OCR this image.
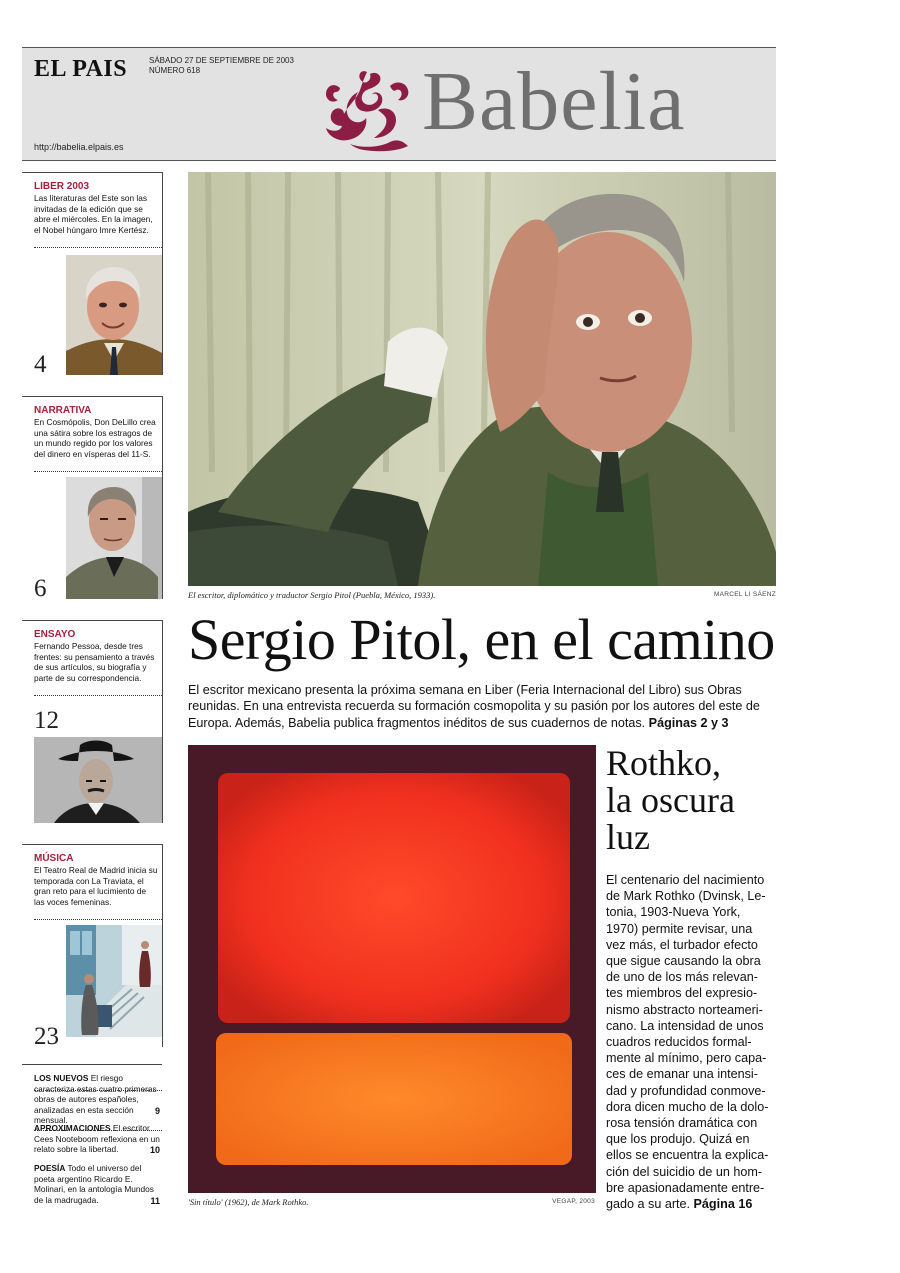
EL PAIS	SÁBADO 27 DE SEPTIEMBRE DE 2003
NÚMERO 618	Babelia
http://babelia.elpais.es
LIBER 2003
Las literaturas del Este son las
invitadas de la edición que se
abre el miércoles. En la imagen,
el Nobel húngaro Imre Kertész.
4
NARRATIVA
En Cosmópolis, Don DeLillo crea
una sátira sobre los estragos de
un mundo regido por los valores
del dinero en vísperas del 11-S.
6
ENSAYO
Fernando Pessoa, desde tres
frentes: su pensamiento a través
de sus artículos, su biografía y
parte de su correspondencia.
12
MÚSICA
El Teatro Real de Madrid inicia su
temporada con La Traviata, el
gran reto para el lucimiento de
las voces femeninas.
23
LOS NUEVOS El riesgo caracteriza estas cuatro primeras obras de autores españoles, analizadas en esta sección mensual.
9
APROXIMACIONES El escritor Cees Nooteboom reflexiona en un relato sobre la libertad.	10
POESÍA Todo el universo del poeta argentino Ricardo E. Molinari, en la antología Mundos de la madrugada.	11
El escritor, diplomático y traductor Sergio Pitol (Puebla, México, 1933).	MARCEL LI SÁENZ
Sergio Pitol, en el camino
El escritor mexicano presenta la próxima semana en Liber (Feria Internacional del Libro) sus Obras reunidas. En una entrevista recuerda su formación cosmopolita y su pasión por los autores del este de Europa. Además, Babelia publica fragmentos inéditos de sus cuadernos de notas. Páginas 2 y 3
'Sin título' (1962), de Mark Rothko.	VEGAP, 2003
Rothko,
la oscura
luz

El centenario del nacimiento

de Mark Rothko (Dvinsk, Le-

tonia, 1903-Nueva York,

1970) permite revisar, una

vez más, el turbador efecto

que sigue causando la obra

de uno de los más relevan-

tes miembros del expresio-

nismo abstracto norteameri-

cano. La intensidad de unos

cuadros reducidos formal-

mente al mínimo, pero capa-

ces de emanar una intensi-

dad y profundidad conmove-

dora dicen mucho de la dolo-

rosa tensión dramática con

que los produjo. Quizá en

ellos se encuentra la explica-

ción del suicidio de un hom-

bre apasionadamente entre-

gado a su arte. Página 16
